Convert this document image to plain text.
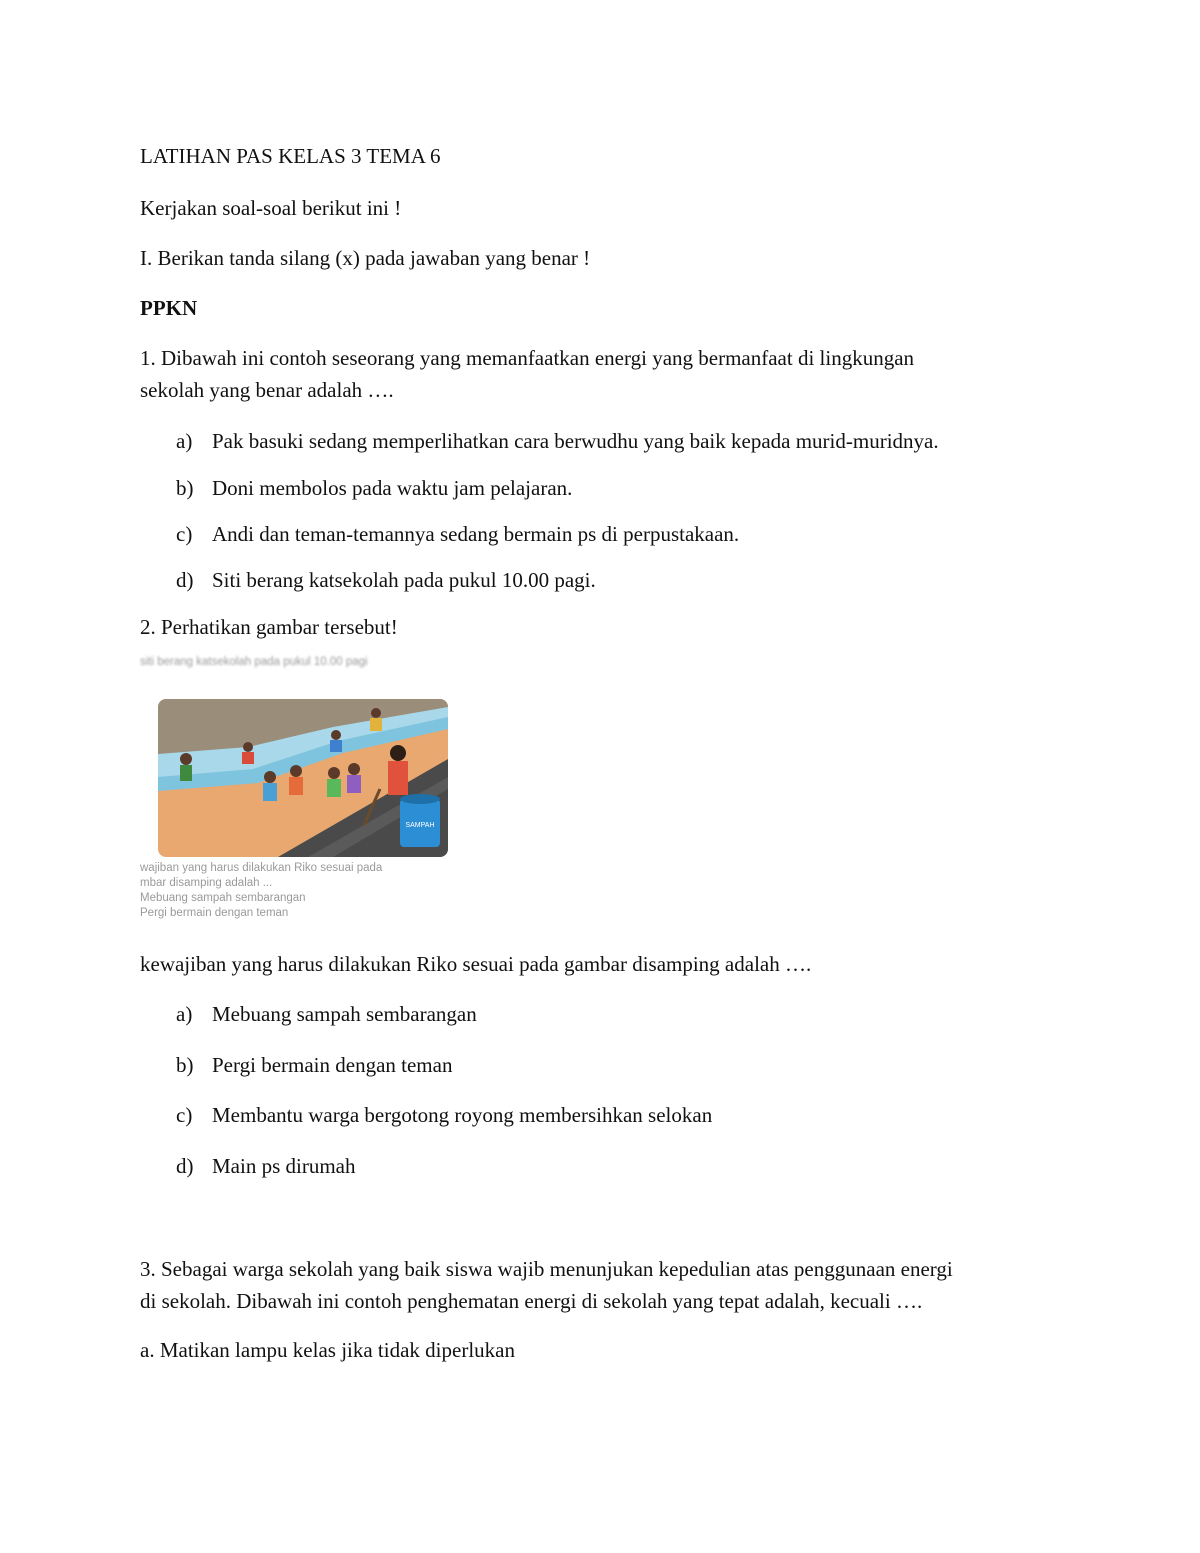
LATIHAN PAS KELAS 3 TEMA 6
Kerjakan soal-soal berikut ini !
I. Berikan tanda silang (x) pada jawaban yang benar !
PPKN
1. Dibawah ini contoh seseorang yang memanfaatkan energi yang bermanfaat di lingkungan
sekolah yang benar adalah ….
a) Pak basuki sedang memperlihatkan cara berwudhu yang baik kepada murid-muridnya.
b) Doni membolos pada waktu jam pelajaran.
c) Andi dan teman-temannya sedang bermain ps di perpustakaan.
d) Siti berang katsekolah pada pukul 10.00 pagi.
2. Perhatikan gambar tersebut!
siti berang katsekolah pada pukul 10.00 pagi
SAMPAH
wajiban yang harus dilakukan Riko sesuai pada
mbar disamping adalah ...
Mebuang sampah sembarangan
Pergi bermain dengan teman
kewajiban yang harus dilakukan Riko sesuai pada gambar disamping adalah ….
a) Mebuang sampah sembarangan
b) Pergi bermain dengan teman
c) Membantu warga bergotong royong membersihkan selokan
d) Main ps dirumah
3. Sebagai warga sekolah yang baik siswa wajib menunjukan kepedulian atas penggunaan energi
di sekolah. Dibawah ini contoh penghematan energi di sekolah yang tepat adalah, kecuali ….
a. Matikan lampu kelas jika tidak diperlukan
